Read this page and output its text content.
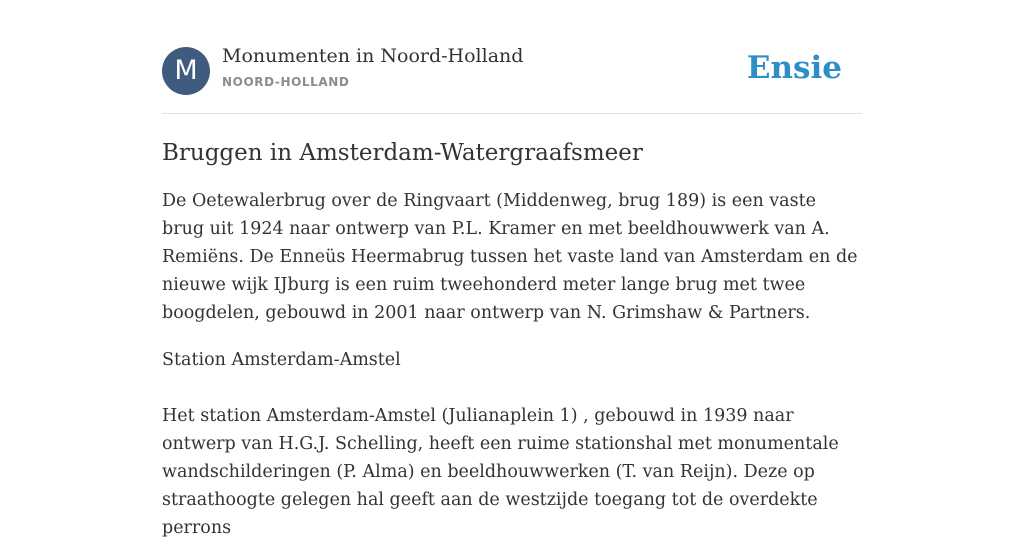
M	Monumenten in Noord-Holland
NOORD-HOLLAND	Ensie
Bruggen in Amsterdam-Watergraafsmeer

De Oetewalerbrug over de Ringvaart (Middenweg, brug 189) is een vaste brug uit 1924 naar ontwerp van P.L. Kramer en met beeldhouwwerk van A. Remiëns. De Enneüs Heermabrug tussen het vaste land van Amsterdam en de nieuwe wijk IJburg is een ruim tweehonderd meter lange brug met twee boogdelen, gebouwd in 2001 naar ontwerp van N. Grimshaw & Partners.

Station Amsterdam-Amstel

Het station Amsterdam-Amstel (Julianaplein 1) , gebouwd in 1939 naar ontwerp van H.G.J. Schelling, heeft een ruime stationshal met monumentale wandschilderingen (P. Alma) en beeldhouwwerken (T. van Reijn). Deze op straathoogte gelegen hal geeft aan de westzijde toegang tot de overdekte perrons
